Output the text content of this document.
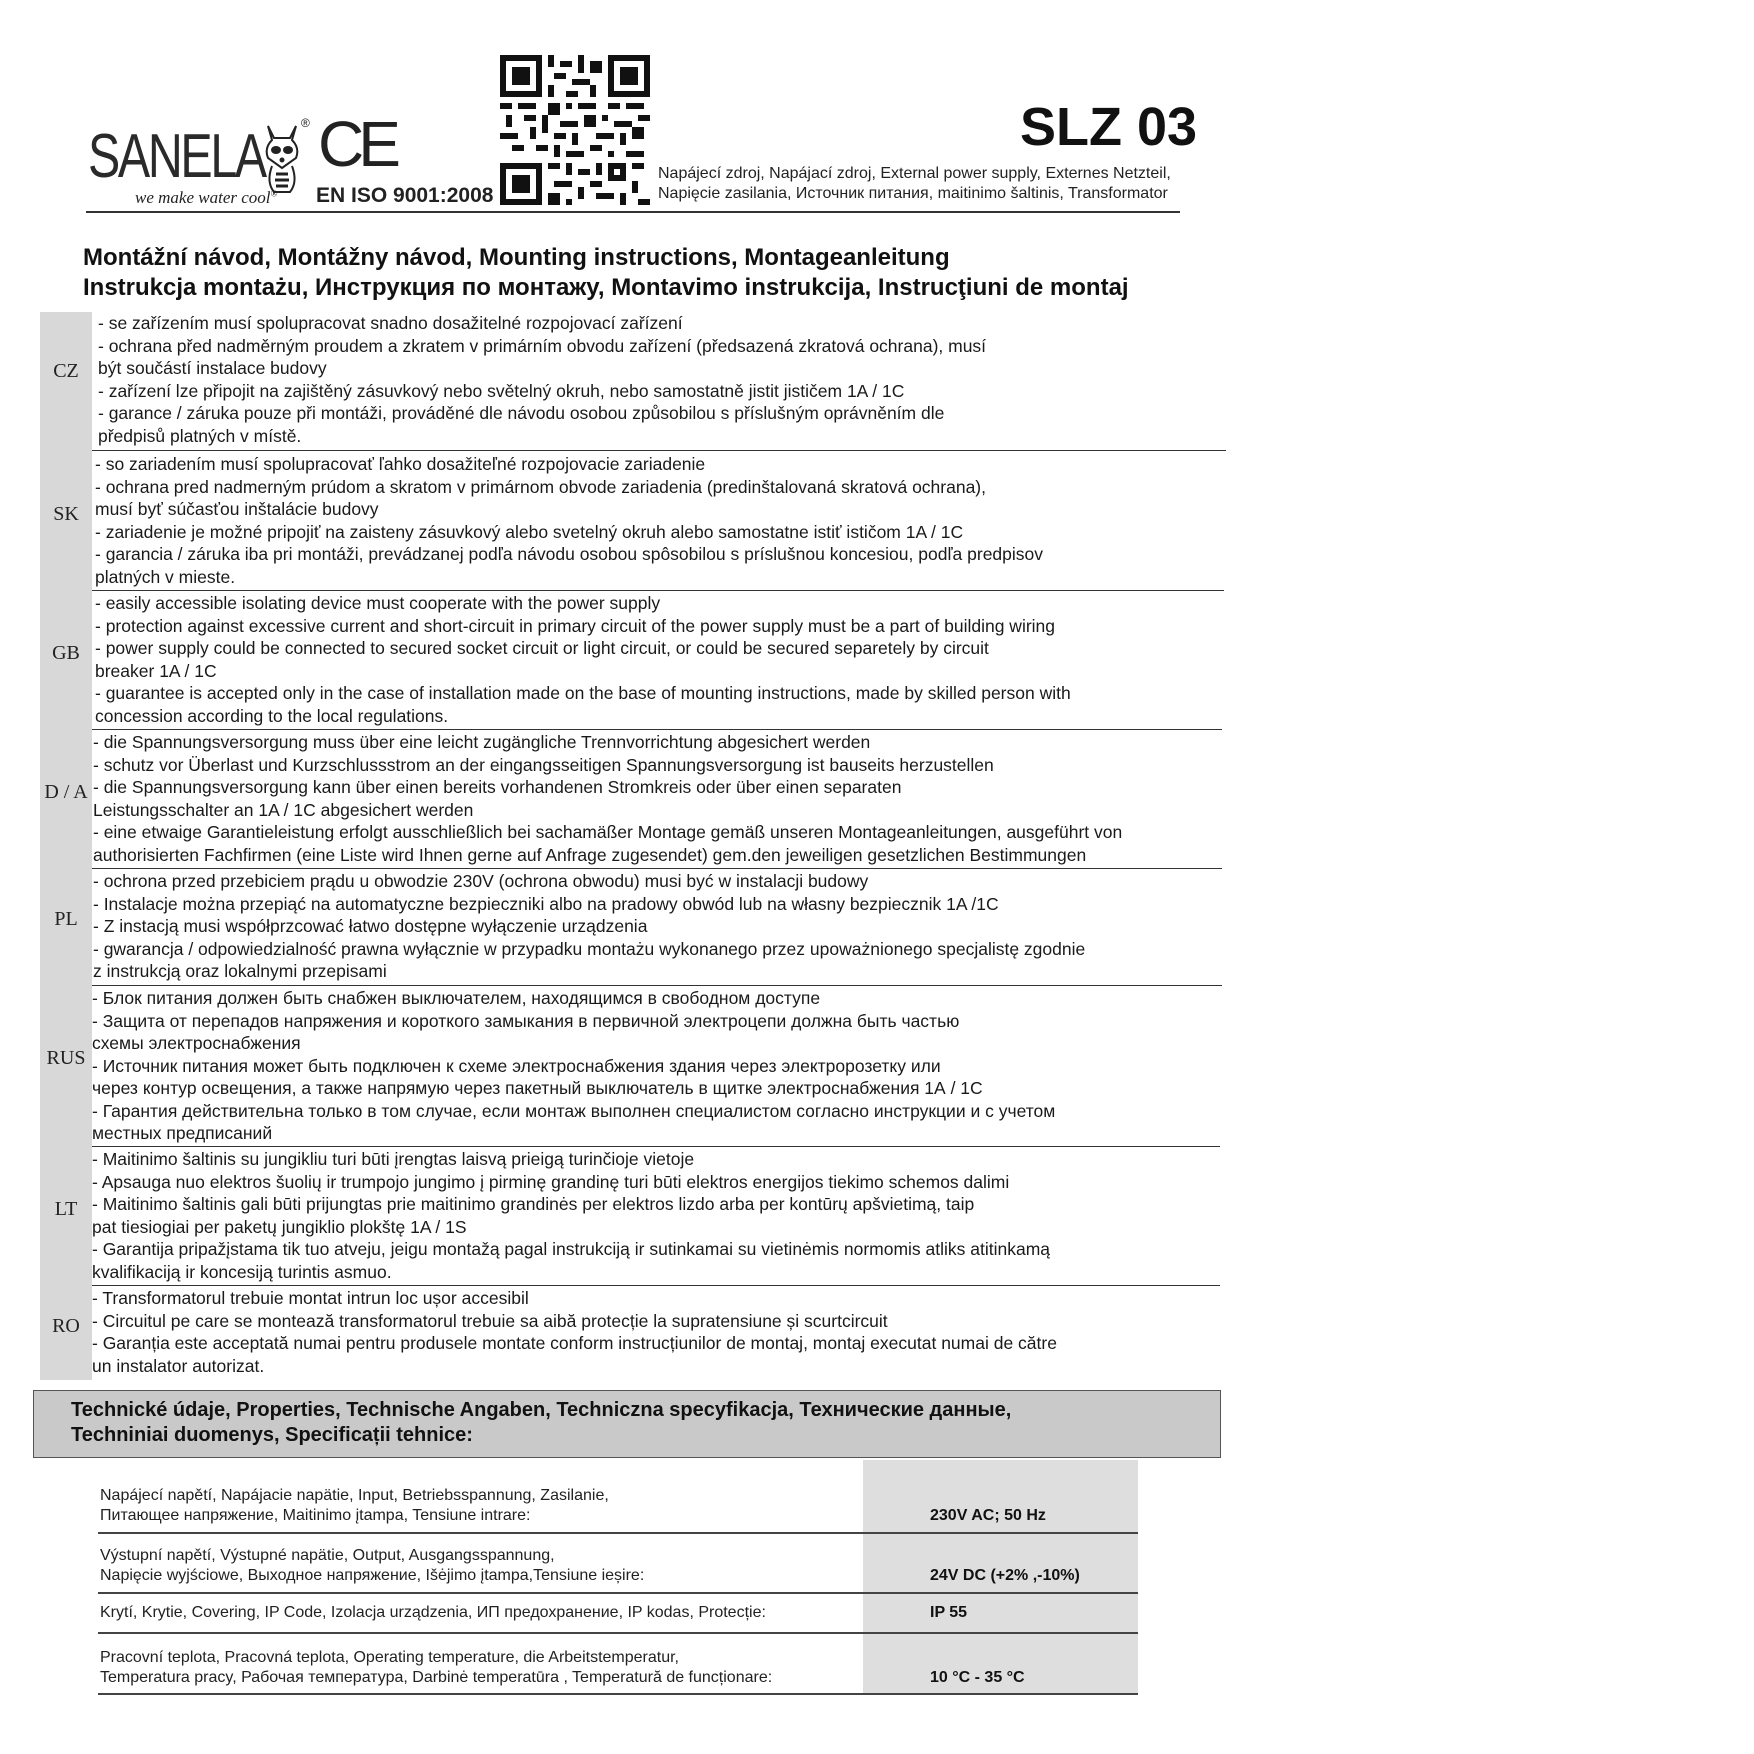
SANELA	®
we make water cool®
CE
EN ISO 9001:2008
SLZ 03
Napájecí zdroj, Napájací zdroj, External power supply, Externes Netzteil,
Napięcie zasilania, Источник питания, maitinimo šaltinis, Transformator
Montážní návod, Montážny návod, Mounting instructions, Montageanleitung
Instrukcja montażu, Инструкция по монтажу, Montavimo instrukcija, Instrucţiuni de montaj
CZ
- se zařízením musí spolupracovat snadno dosažitelné rozpojovací zařízení
- ochrana před nadměrným proudem a zkratem v primárním obvodu zařízení (předsazená zkratová ochrana), musí
být součástí instalace budovy
- zařízení lze připojit na zajištěný zásuvkový nebo světelný okruh, nebo samostatně jistit jističem 1A / 1C
- garance / záruka pouze při montáži, prováděné dle návodu osobou způsobilou s příslušným oprávněním dle
předpisů platných v místě.
SK
- so zariadením musí spolupracovať ľahko dosažiteľné rozpojovacie zariadenie
- ochrana pred nadmerným prúdom a skratom v primárnom obvode zariadenia (predinštalovaná skratová ochrana),
musí byť súčasťou inštalácie budovy
- zariadenie je možné pripojiť na zaisteny zásuvkový alebo svetelný okruh alebo samostatne istiť ističom 1A / 1C
- garancia / záruka iba pri montáži, prevádzanej podľa návodu osobou spôsobilou s príslušnou koncesiou, podľa predpisov
platných v mieste.
GB
- easily accessible isolating device must cooperate with the power supply
- protection against excessive current and short-circuit in primary circuit of the power supply must be a part of building wiring
- power supply could be connected to secured socket circuit or light circuit, or could be secured separetely by circuit
breaker 1A / 1C
- guarantee is accepted only in the case of installation made on the base of mounting instructions, made by skilled person with
concession according to the local regulations.
D / A
- die Spannungsversorgung muss über eine leicht zugängliche Trennvorrichtung abgesichert werden
- schutz vor Überlast und Kurzschlussstrom an der eingangsseitigen Spannungsversorgung ist bauseits herzustellen
- die Spannungsversorgung kann über einen bereits vorhandenen Stromkreis oder über einen separaten
Leistungsschalter an 1A / 1C abgesichert werden
- eine etwaige Garantieleistung erfolgt ausschließlich bei sachamäßer Montage gemäß unseren Montageanleitungen, ausgeführt von
authorisierten Fachfirmen (eine Liste wird Ihnen gerne auf Anfrage zugesendet) gem.den jeweiligen gesetzlichen Bestimmungen
PL
- ochrona przed przebiciem prądu u obwodzie 230V (ochrona obwodu) musi być w instalacji budowy
- Instalacje można przepiąć na automatyczne bezpieczniki albo na pradowy obwód lub na własny bezpiecznik 1A /1C
- Z instacją musi współprzcować łatwo dostępne wyłączenie urządzenia
- gwarancja / odpowiedzialność prawna wyłącznie w przypadku montażu wykonanego przez upoważnionego specjalistę zgodnie
z instrukcją oraz lokalnymi przepisami
RUS
- Блок питания должен быть снабжен выключателем, находящимся в свободном доступе
- Защита от перепадов напряжения и короткого замыкания в первичной электроцепи должна быть частью
схемы электроснабжения
- Источник питания может быть подключен к схеме электроснабжения здания через электророзетку или
через контур освещения, а также напрямую через пакетный выключатель в щитке электроснабжения 1А / 1С
- Гарантия действительна только в том случае, если монтаж выполнен специалистом согласно инструкции и с учетом
местных предписаний
LT
- Maitinimo šaltinis su jungikliu turi būti įrengtas laisvą prieigą turinčioje vietoje
- Apsauga nuo elektros šuolių ir trumpojo jungimo į pirminę grandinę turi būti elektros energijos tiekimo schemos dalimi
- Maitinimo šaltinis gali būti prijungtas prie maitinimo grandinės per elektros lizdo arba per kontūrų apšvietimą, taip
pat tiesiogiai per paketų jungiklio plokštę 1A / 1S
- Garantija pripažįstama tik tuo atveju, jeigu montažą pagal instrukciją ir sutinkamai su vietinėmis normomis atliks atitinkamą
kvalifikaciją ir koncesiją turintis asmuo.
RO
- Transformatorul trebuie montat intrun loc ușor accesibil
- Circuitul pe care se montează transformatorul trebuie sa aibă protecție la supratensiune și scurtcircuit
- Garanția este acceptată numai pentru produsele montate conform instrucțiunilor de montaj, montaj executat numai de către
un instalator autorizat.
Technické údaje, Properties, Technische Angaben, Techniczna specyfikacja, Технические данные,
Techniniai duomenys, Specificații tehnice:
Napájecí napětí, Napájacie napätie, Input, Betriebsspannung, Zasilanie,
Питающее напряжение, Maitinimo įtampa, Tensiune intrare:	230V AC; 50 Hz
Výstupní napětí, Výstupné napätie, Output, Ausgangsspannung,
Napięcie wyjściowe, Выходное напряжение, Išėjimo įtampa,Tensiune ieșire:	24V DC (+2% ,-10%)
Krytí, Krytie, Covering, IP Code, Izolacja urządzenia, ИП предохранение, IP kodas, Protecție:	IP 55
Pracovní teplota, Pracovná teplota, Operating temperature, die Arbeitstemperatur,
Temperatura pracy, Рабочая температура, Darbinė temperatūra , Temperatură de funcționare:	10 °C - 35 °C
